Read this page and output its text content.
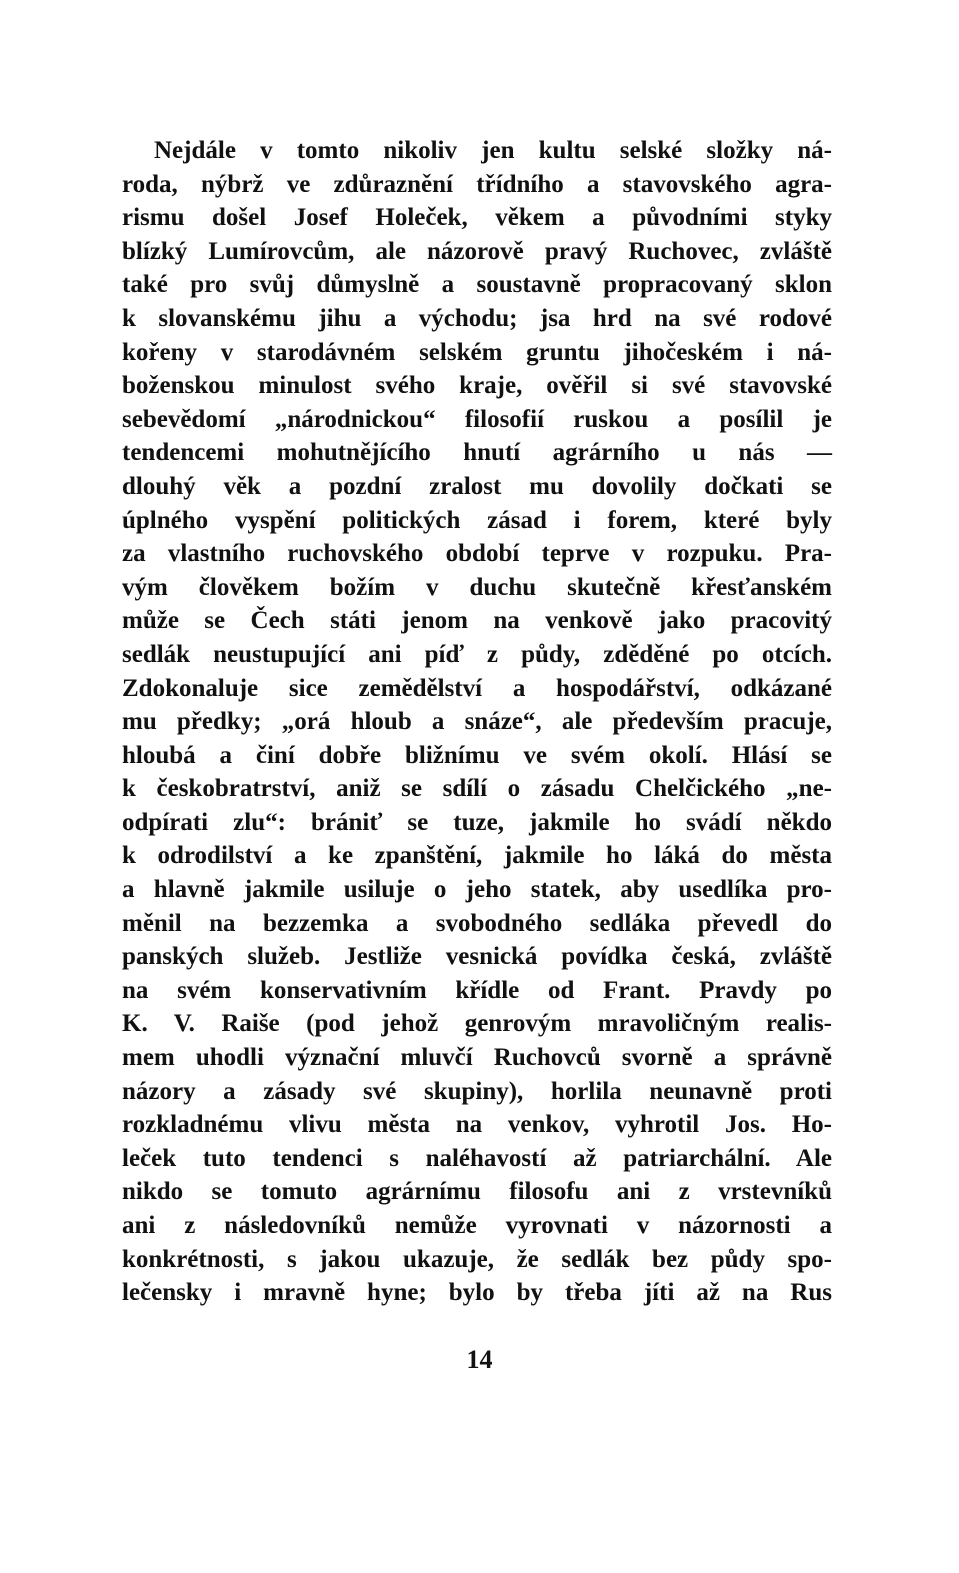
Nejdále v tomto nikoliv jen kultu selské složky ná-
roda, nýbrž ve zdůraznění třídního a stavovského agra-
rismu došel Josef Holeček, věkem a původními styky
blízký Lumírovcům, ale názorově pravý Ruchovec, zvláště
také pro svůj důmyslně a soustavně propracovaný sklon
k slovanskému jihu a východu; jsa hrd na své rodové
kořeny v starodávném selském gruntu jihočeském i ná-
boženskou minulost svého kraje, ověřil si své stavovské
sebevědomí „národnickou“ filosofií ruskou a posílil je
tendencemi mohutnějícího hnutí agrárního u nás —
dlouhý věk a pozdní zralost mu dovolily dočkati se
úplného vyspění politických zásad i forem, které byly
za vlastního ruchovského období teprve v rozpuku. Pra-
vým člověkem božím v duchu skutečně křesťanském
může se Čech státi jenom na venkově jako pracovitý
sedlák neustupující ani píď z půdy, zděděné po otcích.
Zdokonaluje sice zemědělství a hospodářství, odkázané
mu předky; „orá hloub a snáze“, ale především pracuje,
hloubá a činí dobře bližnímu ve svém okolí. Hlásí se
k českobratrství, aniž se sdílí o zásadu Chelčického „ne-
odpírati zlu“: brániť se tuze, jakmile ho svádí někdo
k odrodilství a ke zpanštění, jakmile ho láká do města
a hlavně jakmile usiluje o jeho statek, aby usedlíka pro-
měnil na bezzemka a svobodného sedláka převedl do
panských služeb. Jestliže vesnická povídka česká, zvláště
na svém konservativním křídle od Frant. Pravdy po
K. V. Raiše (pod jehož genrovým mravoličným realis-
mem uhodli význační mluvčí Ruchovců svorně a správně
názory a zásady své skupiny), horlila neunavně proti
rozkladnému vlivu města na venkov, vyhrotil Jos. Ho-
leček tuto tendenci s naléhavostí až patriarchální. Ale
nikdo se tomuto agrárnímu filosofu ani z vrstevníků
ani z následovníků nemůže vyrovnati v názornosti a
konkrétnosti, s jakou ukazuje, že sedlák bez půdy spo-
lečensky i mravně hyne; bylo by třeba jíti až na Rus
14
